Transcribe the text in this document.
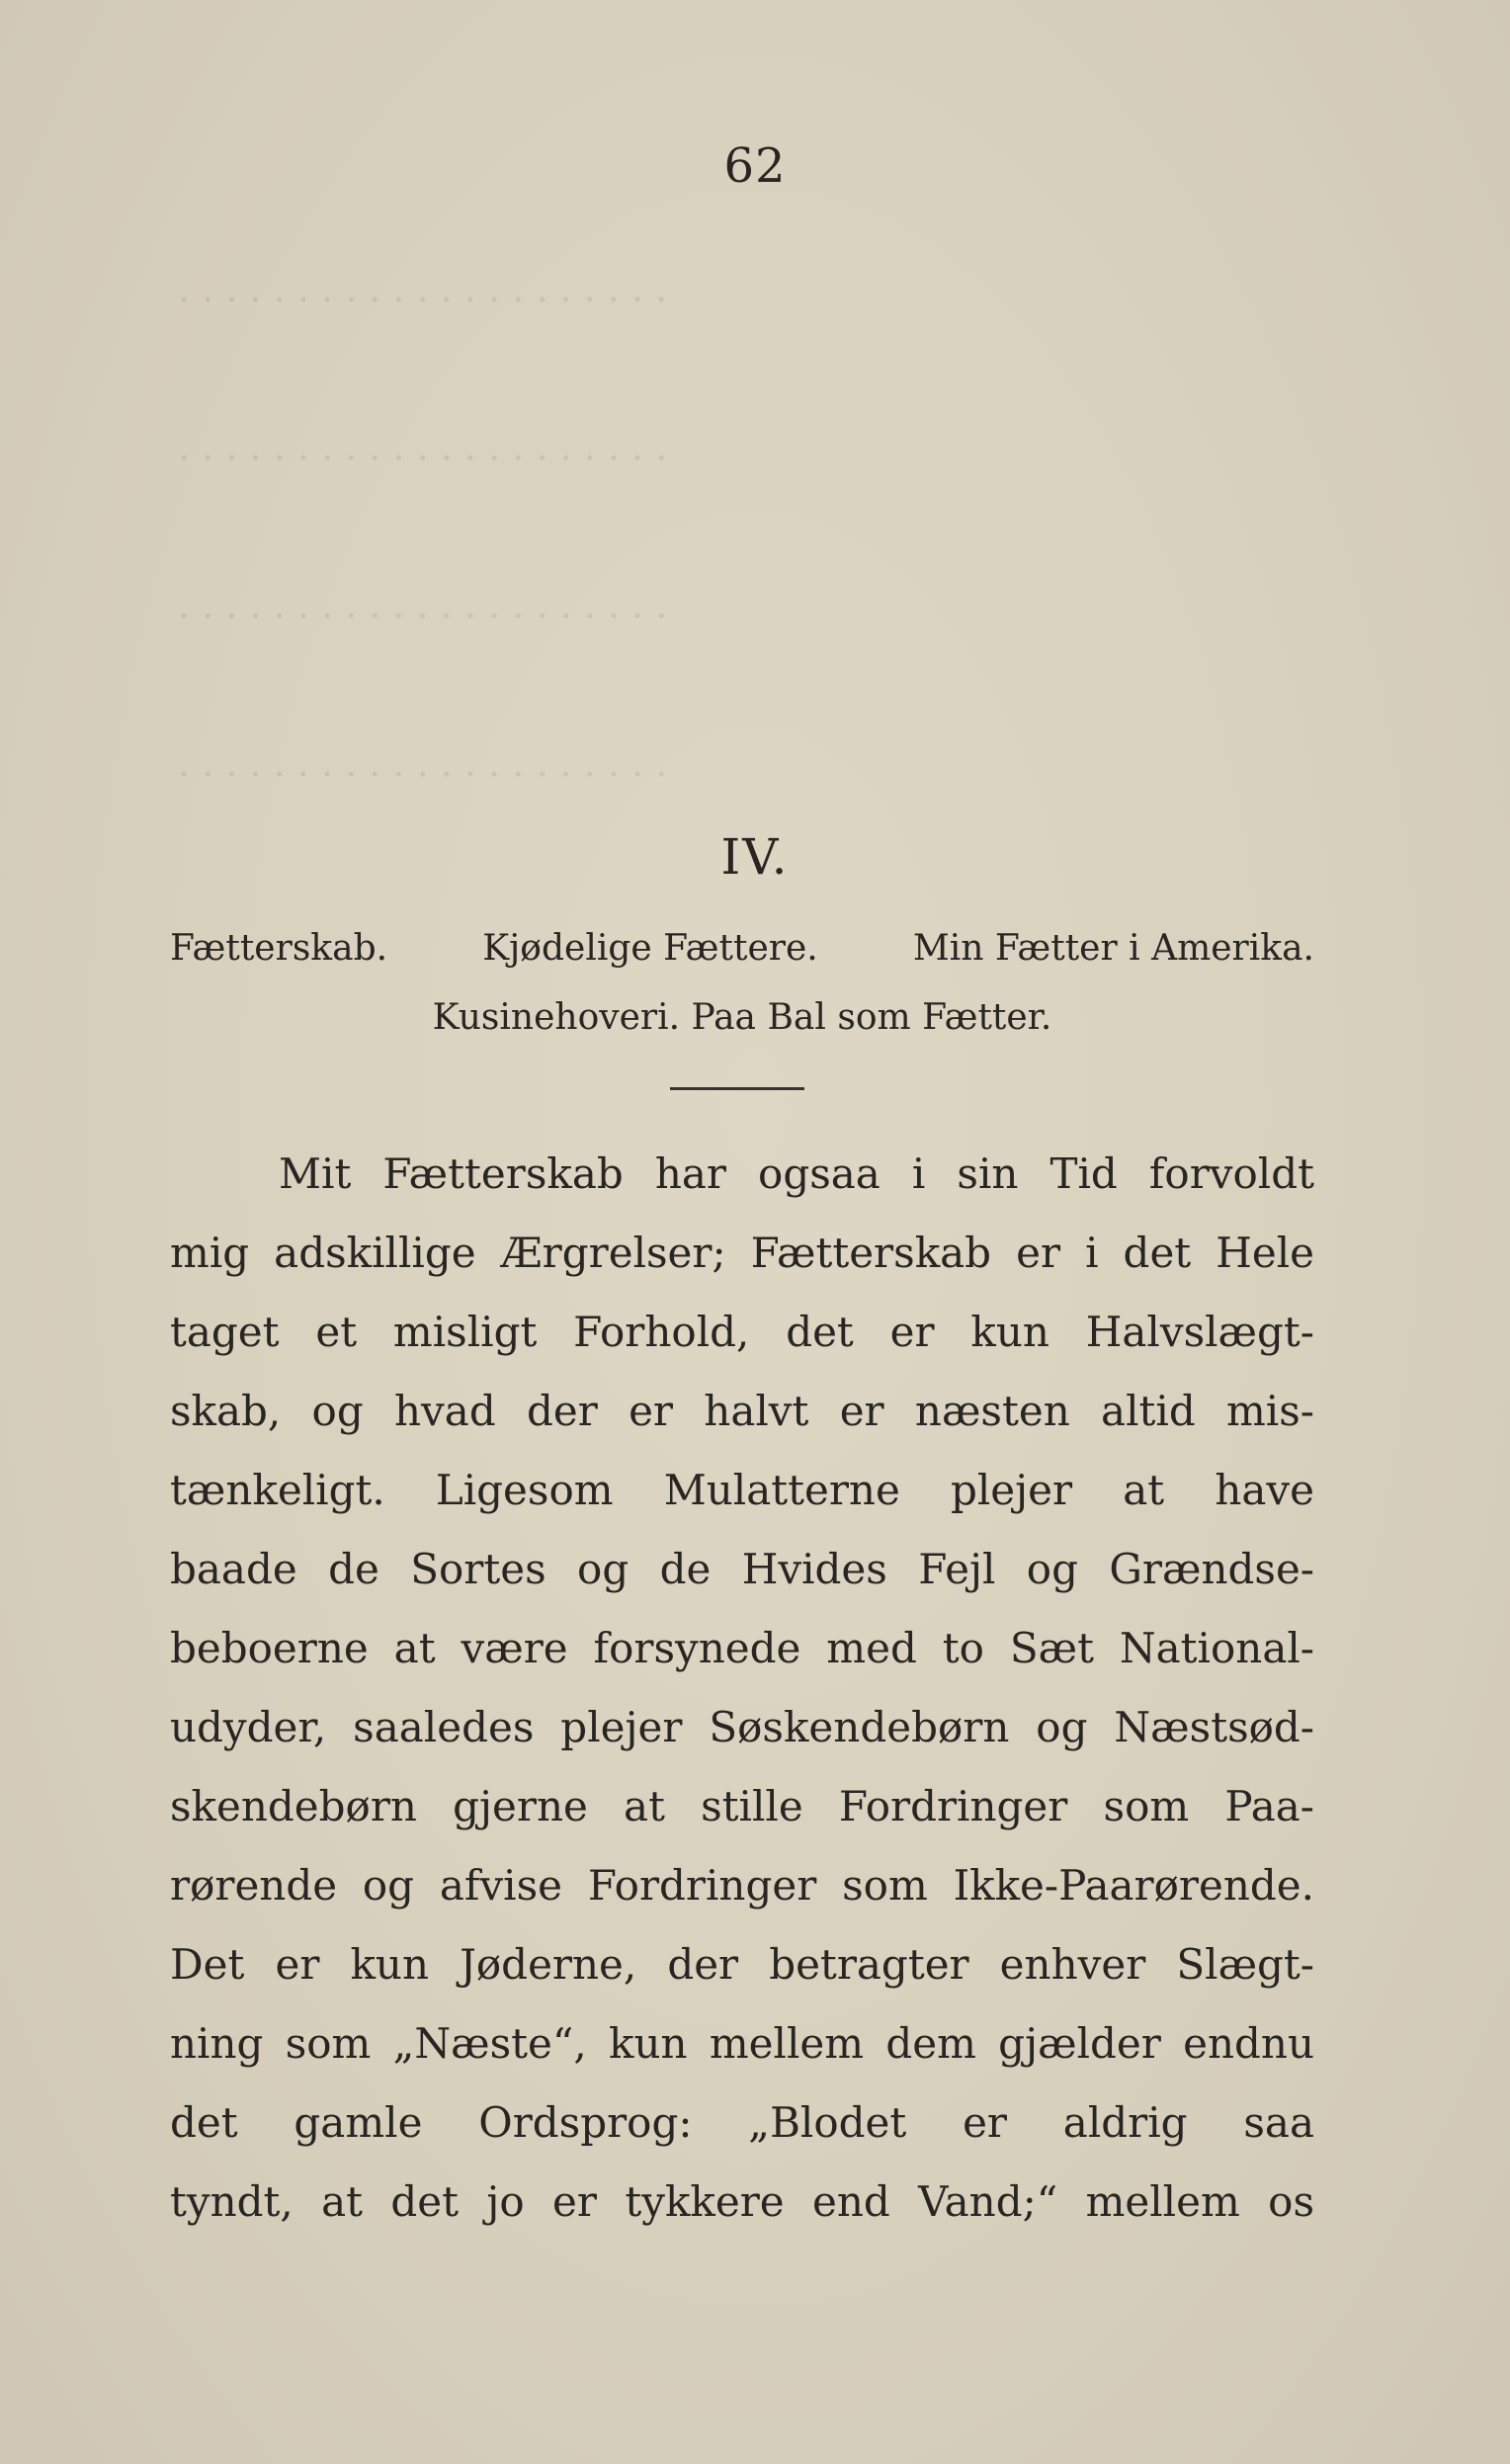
. . . . . . . . . . . . . . . . . . . . .
. . . . . . . . . . . . . . . . . . . . .
. . . . . . . . . . . . . . . . . . . . .
. . . . . . . . . . . . . . . . . . . . .
62
IV.
Fætterskab.	Kjødelige Fættere.	Min Fætter i Amerika.
Kusinehoveri. Paa Bal som Fætter.
Mit Fætterskab har ogsaa i sin Tid forvoldt
mig adskillige Ærgrelser; Fætterskab er i det Hele
taget et misligt Forhold, det er kun Halvslægt-
skab, og hvad der er halvt er næsten altid mis-
tænkeligt. Ligesom Mulatterne plejer at have
baade de Sortes og de Hvides Fejl og Grændse-
beboerne at være forsynede med to Sæt National-
udyder, saaledes plejer Søskendebørn og Næstsød-
skendebørn gjerne at stille Fordringer som Paa-
rørende og afvise Fordringer som Ikke-Paarørende.
Det er kun Jøderne, der betragter enhver Slægt-
ning som „Næste“, kun mellem dem gjælder endnu
det gamle Ordsprog: „Blodet er aldrig saa
tyndt, at det jo er tykkere end Vand;“ mellem os
